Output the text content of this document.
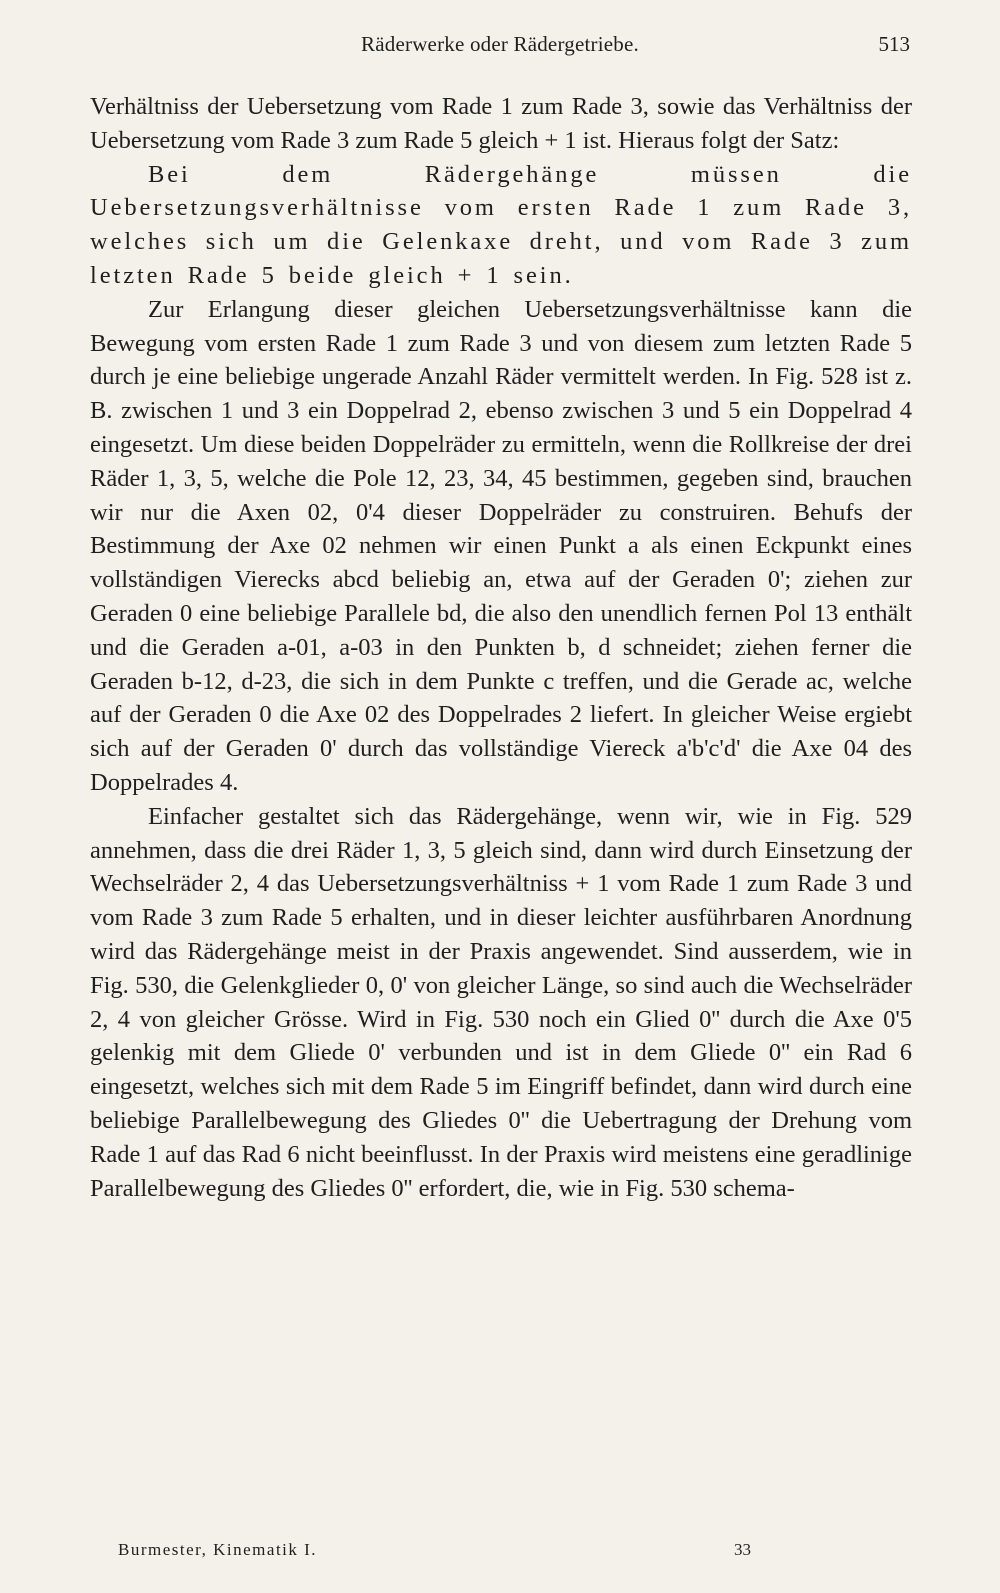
Räderwerke oder Rädergetriebe.	513

Verhältniss der Uebersetzung vom Rade 1 zum Rade 3, sowie das Verhältniss der Uebersetzung vom Rade 3 zum Rade 5 gleich + 1 ist. Hieraus folgt der Satz:

Bei dem Rädergehänge müssen die Uebersetzungsverhältnisse vom ersten Rade 1 zum Rade 3, welches sich um die Gelenkaxe dreht, und vom Rade 3 zum letzten Rade 5 beide gleich + 1 sein.

Zur Erlangung dieser gleichen Uebersetzungsverhältnisse kann die Bewegung vom ersten Rade 1 zum Rade 3 und von diesem zum letzten Rade 5 durch je eine beliebige ungerade Anzahl Räder vermittelt werden. In Fig. 528 ist z. B. zwischen 1 und 3 ein Doppelrad 2, ebenso zwischen 3 und 5 ein Doppelrad 4 eingesetzt. Um diese beiden Doppelräder zu ermitteln, wenn die Rollkreise der drei Räder 1, 3, 5, welche die Pole 12, 23, 34, 45 bestimmen, gegeben sind, brauchen wir nur die Axen 02, 0'4 dieser Doppelräder zu construiren. Behufs der Bestimmung der Axe 02 nehmen wir einen Punkt a als einen Eckpunkt eines vollständigen Vierecks abcd beliebig an, etwa auf der Geraden 0'; ziehen zur Geraden 0 eine beliebige Parallele bd, die also den unendlich fernen Pol 13 enthält und die Geraden a-01, a-03 in den Punkten b, d schneidet; ziehen ferner die Geraden b-12, d-23, die sich in dem Punkte c treffen, und die Gerade ac, welche auf der Geraden 0 die Axe 02 des Doppelrades 2 liefert. In gleicher Weise ergiebt sich auf der Geraden 0' durch das vollständige Viereck a'b'c'd' die Axe 04 des Doppelrades 4.

Einfacher gestaltet sich das Rädergehänge, wenn wir, wie in Fig. 529 annehmen, dass die drei Räder 1, 3, 5 gleich sind, dann wird durch Einsetzung der Wechselräder 2, 4 das Uebersetzungsverhältniss + 1 vom Rade 1 zum Rade 3 und vom Rade 3 zum Rade 5 erhalten, und in dieser leichter ausführbaren Anordnung wird das Rädergehänge meist in der Praxis angewendet. Sind ausserdem, wie in Fig. 530, die Gelenkglieder 0, 0' von gleicher Länge, so sind auch die Wechselräder 2, 4 von gleicher Grösse. Wird in Fig. 530 noch ein Glied 0'' durch die Axe 0'5 gelenkig mit dem Gliede 0' verbunden und ist in dem Gliede 0'' ein Rad 6 eingesetzt, welches sich mit dem Rade 5 im Eingriff befindet, dann wird durch eine beliebige Parallelbewegung des Gliedes 0'' die Uebertragung der Drehung vom Rade 1 auf das Rad 6 nicht beeinflusst. In der Praxis wird meistens eine geradlinige Parallelbewegung des Gliedes 0'' erfordert, die, wie in Fig. 530 schema-

Burmester, Kinematik I.	33
